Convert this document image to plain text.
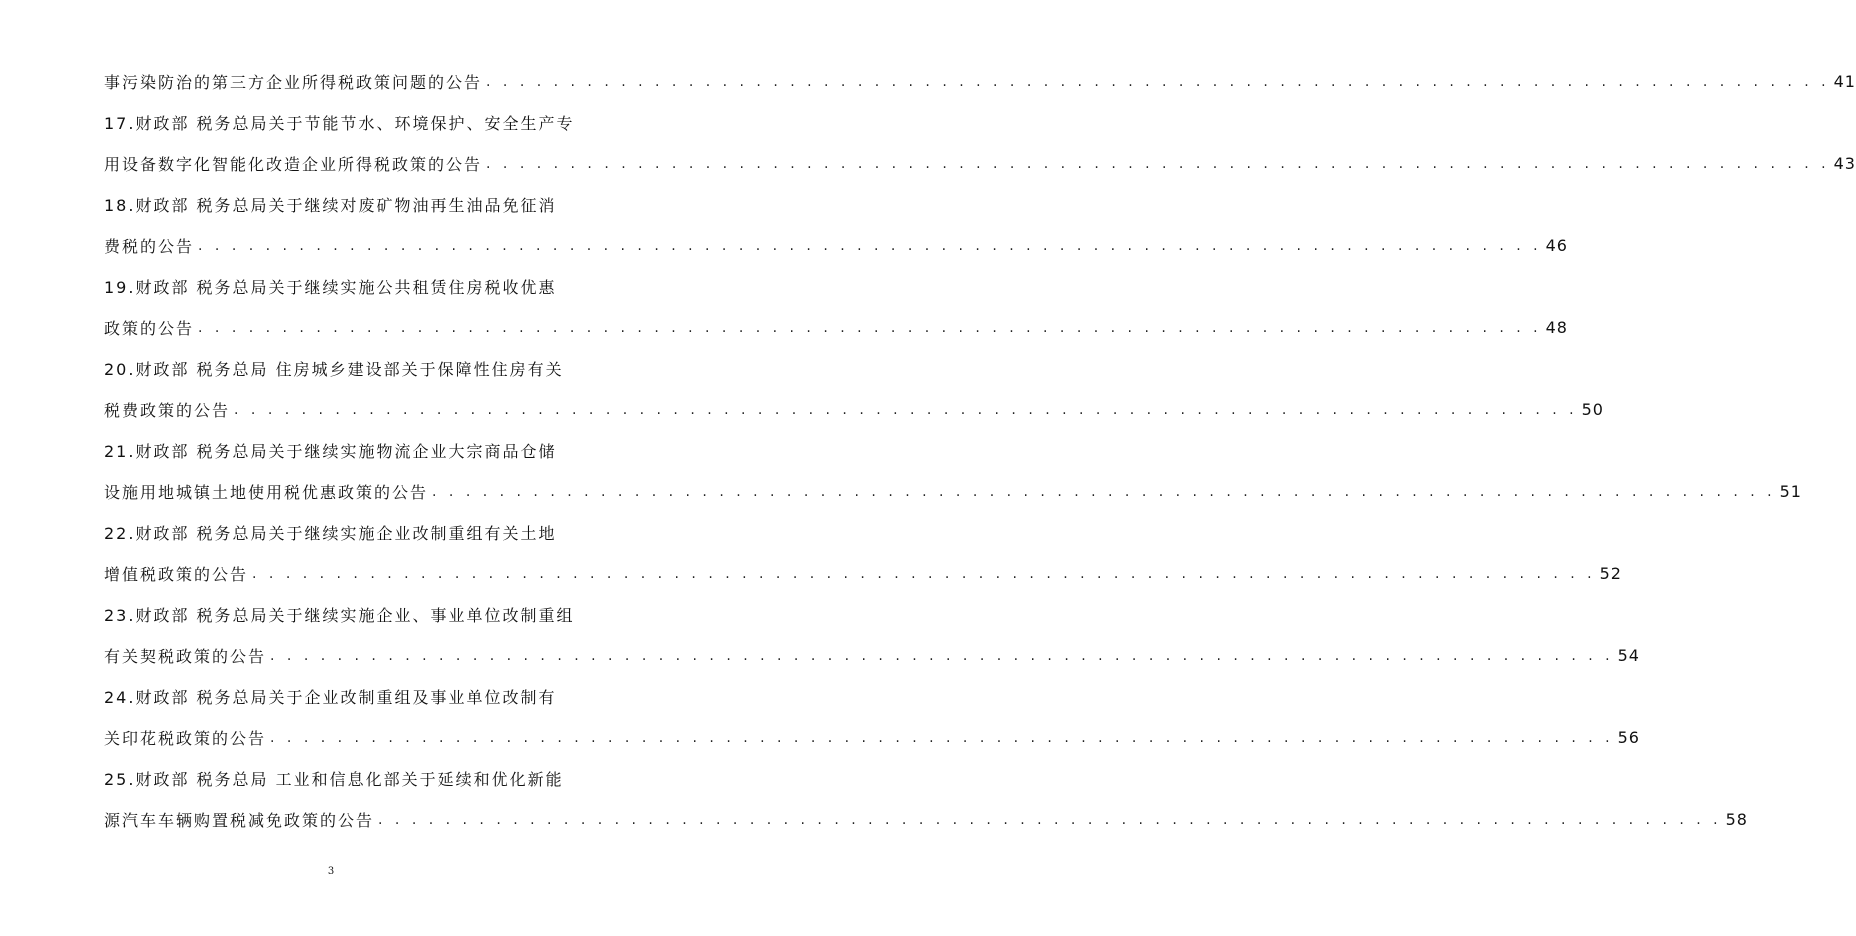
事污染防治的第三方企业所得税政策问题的公告 . . . . . . . . . . . . . . . . . . . . . . . . . . . . . . . . . . . . . . . . . . . . . . . . . . . . . . . . . . . . . . . . . . . . . . . . . . . . . . . . 41
17.财政部 税务总局关于节能节水、环境保护、安全生产专
用设备数字化智能化改造企业所得税政策的公告 . . . . . . . . . . . . . . . . . . . . . . . . . . . . . . . . . . . . . . . . . . . . . . . . . . . . . . . . . . . . . . . . . . . . . . . . . . . . . . . . 43
18.财政部 税务总局关于继续对废矿物油再生油品免征消
费税的公告 . . . . . . . . . . . . . . . . . . . . . . . . . . . . . . . . . . . . . . . . . . . . . . . . . . . . . . . . . . . . . . . . . . . . . . . . . . . . . . . . 46
19.财政部 税务总局关于继续实施公共租赁住房税收优惠
政策的公告 . . . . . . . . . . . . . . . . . . . . . . . . . . . . . . . . . . . . . . . . . . . . . . . . . . . . . . . . . . . . . . . . . . . . . . . . . . . . . . . . 48
20.财政部 税务总局 住房城乡建设部关于保障性住房有关
税费政策的公告 . . . . . . . . . . . . . . . . . . . . . . . . . . . . . . . . . . . . . . . . . . . . . . . . . . . . . . . . . . . . . . . . . . . . . . . . . . . . . . . . 50
21.财政部 税务总局关于继续实施物流企业大宗商品仓储
设施用地城镇土地使用税优惠政策的公告 . . . . . . . . . . . . . . . . . . . . . . . . . . . . . . . . . . . . . . . . . . . . . . . . . . . . . . . . . . . . . . . . . . . . . . . . . . . . . . . . 51
22.财政部 税务总局关于继续实施企业改制重组有关土地
增值税政策的公告 . . . . . . . . . . . . . . . . . . . . . . . . . . . . . . . . . . . . . . . . . . . . . . . . . . . . . . . . . . . . . . . . . . . . . . . . . . . . . . . . 52
23.财政部 税务总局关于继续实施企业、事业单位改制重组
有关契税政策的公告 . . . . . . . . . . . . . . . . . . . . . . . . . . . . . . . . . . . . . . . . . . . . . . . . . . . . . . . . . . . . . . . . . . . . . . . . . . . . . . . . 54
24.财政部 税务总局关于企业改制重组及事业单位改制有
关印花税政策的公告 . . . . . . . . . . . . . . . . . . . . . . . . . . . . . . . . . . . . . . . . . . . . . . . . . . . . . . . . . . . . . . . . . . . . . . . . . . . . . . . . 56
25.财政部 税务总局 工业和信息化部关于延续和优化新能
源汽车车辆购置税减免政策的公告 . . . . . . . . . . . . . . . . . . . . . . . . . . . . . . . . . . . . . . . . . . . . . . . . . . . . . . . . . . . . . . . . . . . . . . . . . . . . . . . . 58
3
